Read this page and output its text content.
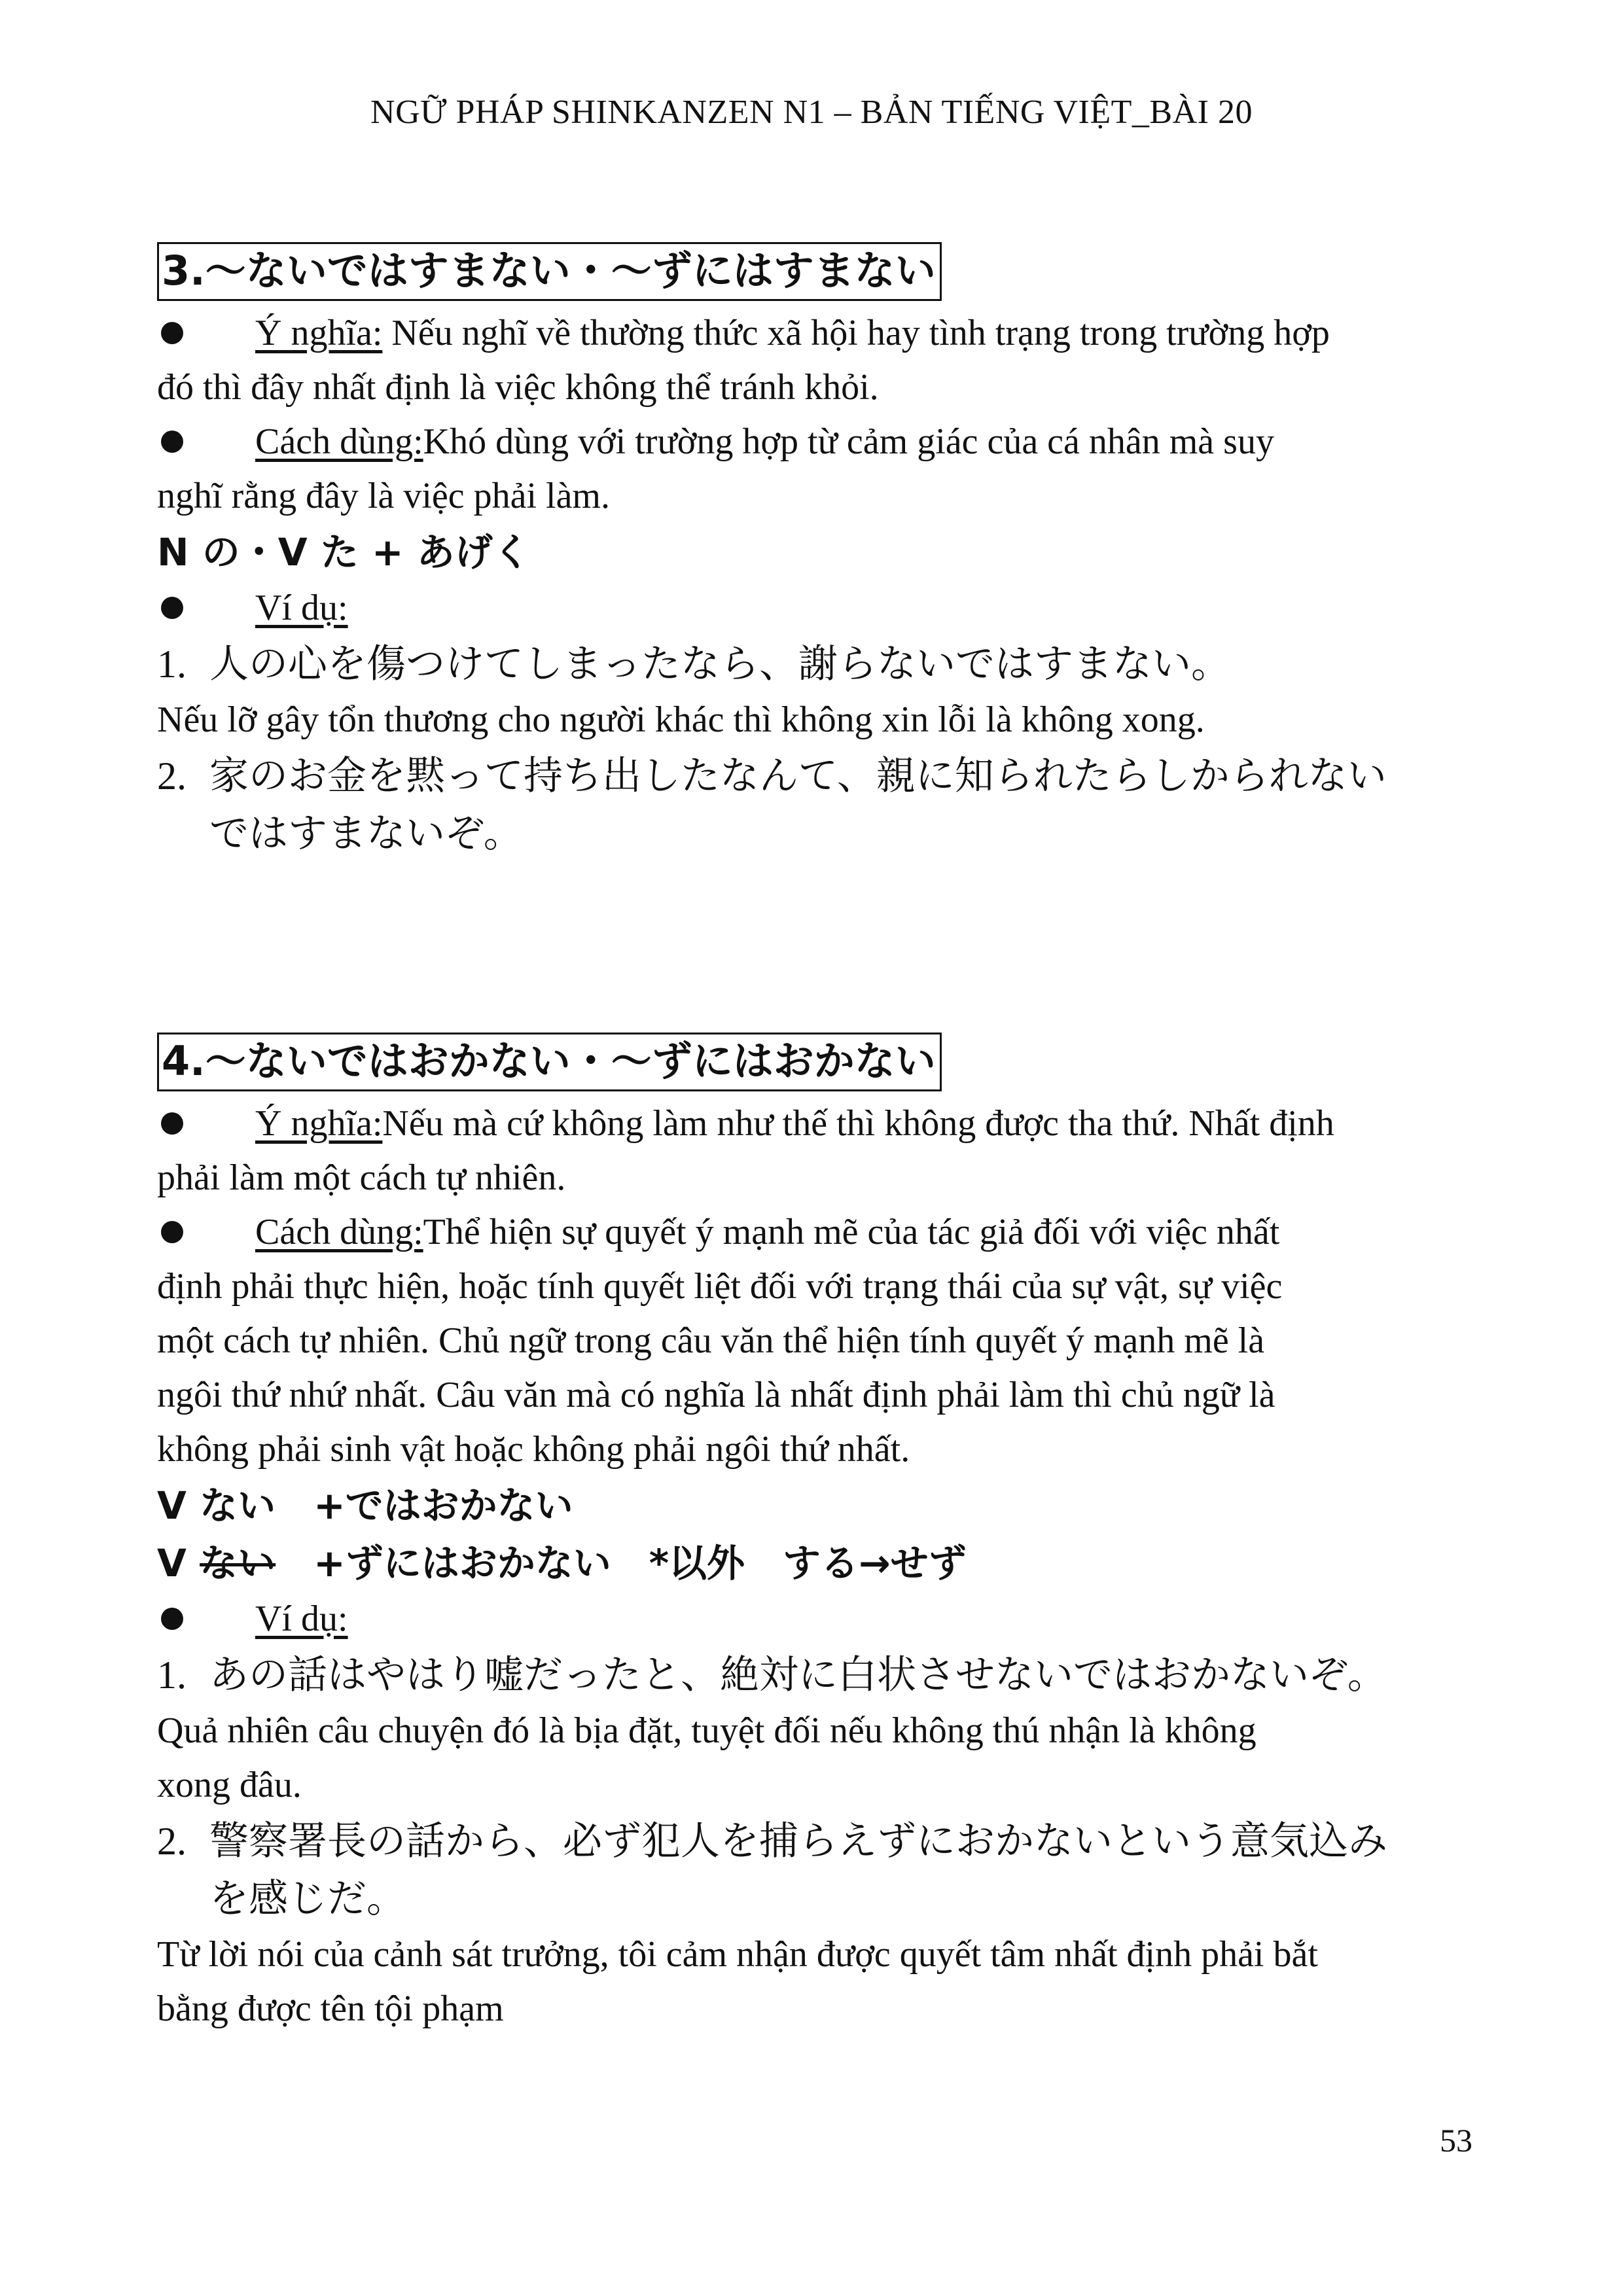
NGỮ PHÁP SHINKANZEN N1 – BẢN TIẾNG VIỆT_BÀI 20
3.～ないではすまない・～ずにはすまない

Ý nghĩa: Nếu nghĩ về thường thức xã hội hay tình trạng trong trường hợp

đó thì đây nhất định là việc không thể tránh khỏi.

Cách dùng:Khó dùng với trường hợp từ cảm giác của cá nhân mà suy

nghĩ rằng đây là việc phải làm.

N の・V た + あげく

Ví dụ:

1. 人の心を傷つけてしまったなら、謝らないではすまない。

Nếu lỡ gây tổn thương cho người khác thì không xin lỗi là không xong.

2. 家のお金を黙って持ち出したなんて、親に知られたらしかられない

ではすまないぞ。

4.～ないではおかない・～ずにはおかない

Ý nghĩa:Nếu mà cứ không làm như thế thì không được tha thứ. Nhất định

phải làm một cách tự nhiên.

Cách dùng:Thể hiện sự quyết ý mạnh mẽ của tác giả đối với việc nhất

định phải thực hiện, hoặc tính quyết liệt đối với trạng thái của sự vật, sự việc

một cách tự nhiên. Chủ ngữ trong câu văn thể hiện tính quyết ý mạnh mẽ là

ngôi thứ nhứ nhất. Câu văn mà có nghĩa là nhất định phải làm thì chủ ngữ là

không phải sinh vật hoặc không phải ngôi thứ nhất.

V ない　+ではおかない

V ない　+ずにはおかない　*以外　する→せず

Ví dụ:

1. あの話はやはり嘘だったと、絶対に白状させないではおかないぞ。

Quả nhiên câu chuyện đó là bịa đặt, tuyệt đối nếu không thú nhận là không

xong đâu.

2. 警察署長の話から、必ず犯人を捕らえずにおかないという意気込み

を感じだ。

Từ lời nói của cảnh sát trưởng, tôi cảm nhận được quyết tâm nhất định phải bắt

bằng được tên tội phạm

53
